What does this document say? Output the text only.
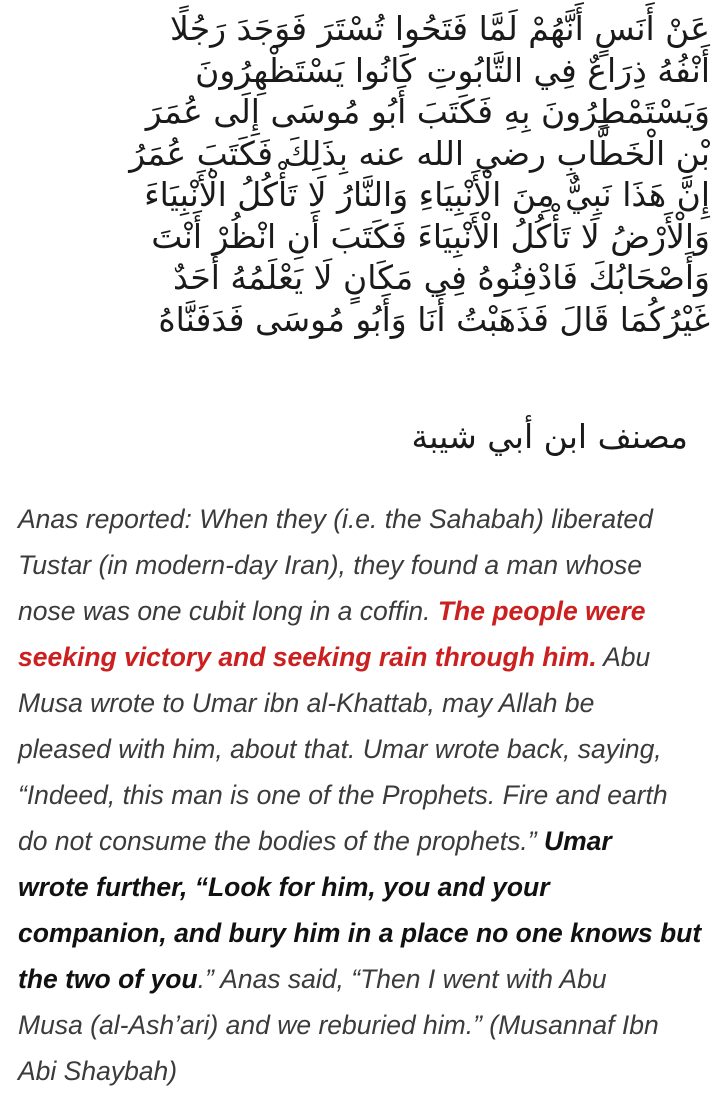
عَنْ أَنَسٍ أَنَّهُمْ لَمَّا فَتَحُوا تُسْتَرَ فَوَجَدَ رَجُلًا
أَنْفُهُ ذِرَاعٌ فِي التَّابُوتِ كَانُوا يَسْتَظْهِرُونَ
وَيَسْتَمْطِرُونَ بِهِ فَكَتَبَ أَبُو مُوسَى إِلَى عُمَرَ
بْنِ الْخَطَّابِ رضي الله عنه بِذَلِكَ فَكَتَبَ عُمَرُ
إِنَّ هَذَا نَبِيٌّ مِنَ الْأَنْبِيَاءِ وَالنَّارُ لَا تَأْكُلُ الْأَنْبِيَاءَ
وَالْأَرْضُ لَا تَأْكُلُ الْأَنْبِيَاءَ فَكَتَبَ أَنِ انْظُرْ أَنْتَ
وَأَصْحَابُكَ فَادْفِنُوهُ فِي مَكَانٍ لَا يَعْلَمُهُ أَحَدٌ
غَيْرُكُمَا قَالَ فَذَهَبْتُ أَنَا وَأَبُو مُوسَى فَدَفَنَّاهُ
مصنف ابن أبي شيبة
Anas reported: When they (i.e. the Sahabah) liberated
Tustar (in modern-day Iran), they found a man whose
nose was one cubit long in a coffin. The people were
seeking victory and seeking rain through him. Abu
Musa wrote to Umar ibn al-Khattab, may Allah be
pleased with him, about that. Umar wrote back, saying,
“Indeed, this man is one of the Prophets. Fire and earth
do not consume the bodies of the prophets.” Umar
wrote further, “Look for him, you and your
companion, and bury him in a place no one knows but
the two of you.” Anas said, “Then I went with Abu
Musa (al-Ash’ari) and we reburied him.” (Musannaf Ibn
Abi Shaybah)
